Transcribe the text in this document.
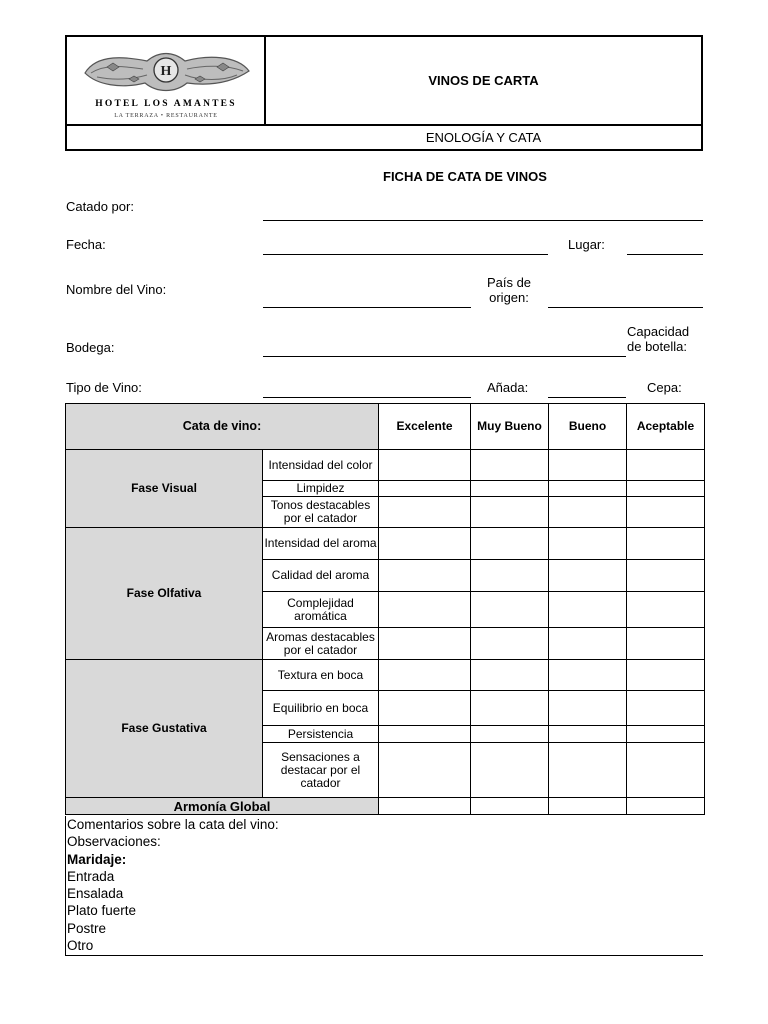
H
HOTEL LOS AMANTES
LA TERRAZA • RESTAURANTE
VINOS DE CARTA
ENOLOGÍA Y CATA
FICHA DE CATA DE VINOS
Catado por:
Fecha:	Lugar:
Nombre del Vino:	País de origen:
Bodega:
Capacidad de botella:
Tipo de Vino:	Añada:	Cepa:
Cata de vino:		Excelente	Muy Bueno	Bueno	Aceptable
Fase Visual	Intensidad del color				
	Limpidez				
	Tonos destacables por el catador				
Fase Olfativa	Intensidad del aroma				
	Calidad del aroma				
	Complejidad aromática				
	Aromas destacables por el catador				
Fase Gustativa	Textura en boca				
	Equilibrio en boca				
	Persistencia				
	Sensaciones a destacar por el catador				
Armonía Global					
Comentarios sobre la cata del vino:
Observaciones:
Maridaje:
Entrada
Ensalada
Plato fuerte
Postre
Otro
